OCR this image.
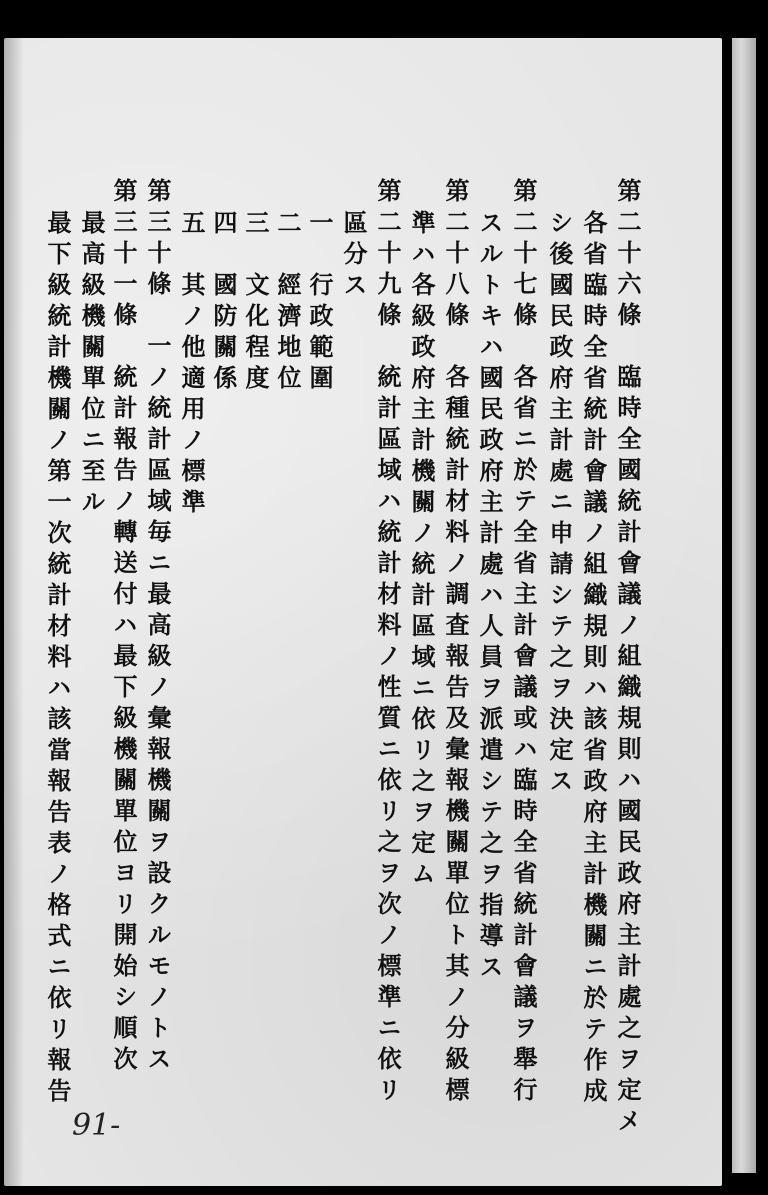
第二十六條　臨時全國統計會議ノ組織規則ハ國民政府主計處之ヲ定メ
各省臨時全省統計會議ノ組織規則ハ該省政府主計機關ニ於テ作成
シ後國民政府主計處ニ申請シテ之ヲ決定ス
第二十七條　各省ニ於テ全省主計會議或ハ臨時全省統計會議ヲ舉行
スルトキハ國民政府主計處ハ人員ヲ派遣シテ之ヲ指導ス
第二十八條　各種統計材料ノ調査報告及彙報機關單位ト其ノ分級標
準ハ各級政府主計機關ノ統計區域ニ依リ之ヲ定ム
第二十九條　統計區域ハ統計材料ノ性質ニ依リ之ヲ次ノ標準ニ依リ
區分ス
一　行政範圍
二　經濟地位
三　文化程度
四　國防關係
五　其ノ他適用ノ標準
第三十條　一ノ統計區域毎ニ最高級ノ彙報機關ヲ設クルモノトス
第三十一條　統計報告ノ轉送付ハ最下級機關單位ヨリ開始シ順次
最高級機關單位ニ至ル
最下級統計機關ノ第一次統計材料ハ該當報告表ノ格式ニ依リ報告
91-
